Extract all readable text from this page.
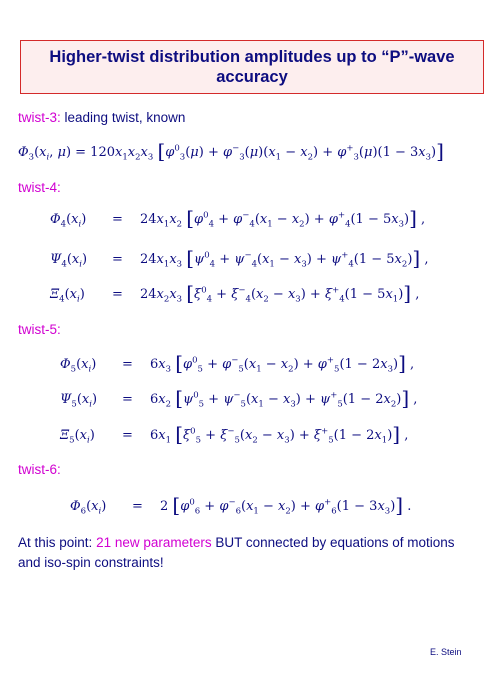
Higher-twist distribution amplitudes up to “P”-wave accuracy
twist-3: leading twist, known
$\Phi_3(x_i$, $\mu) = 120x_1x_2x_3$ $[\varphi^0_3(\mu) + \varphi^-_3(\mu)(x_1 - x_2) + \varphi^+_3(\mu)(1 - 3x_3)]$
twist-4:
$\Phi_4(x_i) = 24x_1x_2$ $[\varphi^0_4 + \varphi^-_4(x_1 - x_2) + \varphi^+_4(1 - 5x_3)]$ ,
$\Psi_4(x_i) = 24x_1x_3$ $[\psi^0_4 + \psi^-_4(x_1 - x_3) + \psi^+_4(1 - 5x_2)]$ ,
$\Xi_4(x_i) = 24x_2x_3$ $[\xi^0_4 + \xi^-_4(x_2 - x_3) + \xi^+_4(1 - 5x_1)]$ ,
twist-5:
$\Phi_5(x_i) = 6x_3$ $[\varphi^0_5 + \varphi^-_5(x_1 - x_2) + \varphi^+_5(1 - 2x_3)]$ ,
$\Psi_5(x_i) = 6x_2$ $[\psi^0_5 + \psi^-_5(x_1 - x_3) + \psi^+_5(1 - 2x_2)]$ ,
$\Xi_5(x_i) = 6x_1$ $[\xi^0_5 + \xi^-_5(x_2 - x_3) + \xi^+_5(1 - 2x_1)]$ ,
twist-6:
$\Phi_6(x_i) = 2$ $[\varphi^0_6 + \varphi^-_6(x_1 - x_2) + \varphi^+_6(1 - 3x_3)]$ .
At this point: 21 new parameters BUT connected by equations of motions and iso-spin constraints!
E. Stein
